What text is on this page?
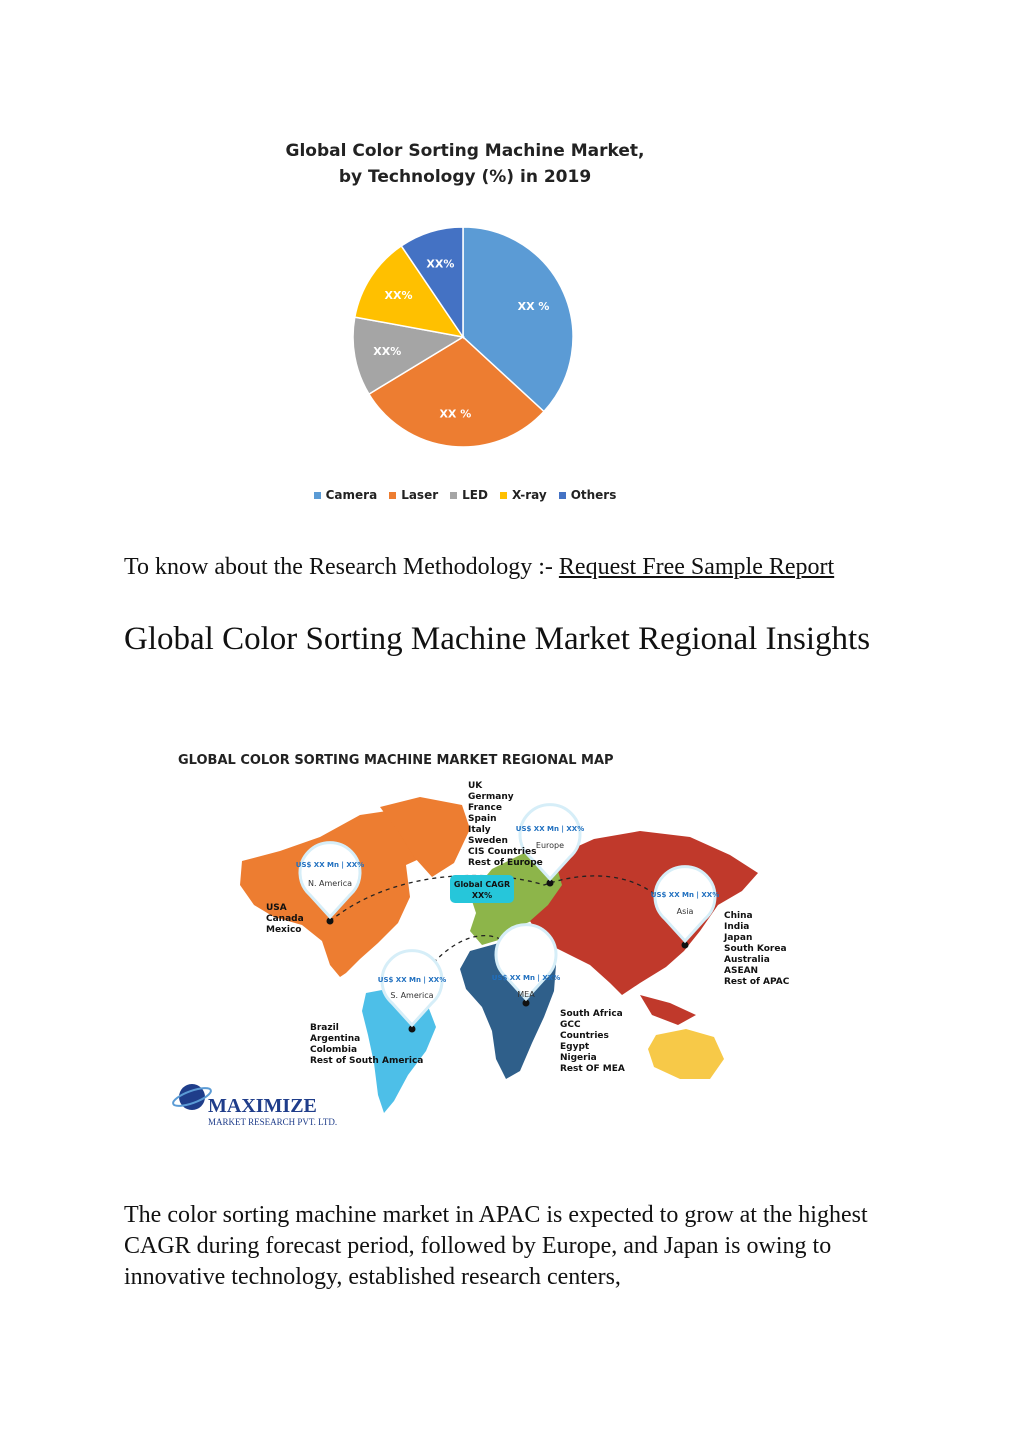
XX %
XX %
XX%
XX%
XX%
Global Color Sorting Machine Market,
by Technology (%) in 2019
Camera Laser LED X-ray Others
To know about the Research Methodology :- Request Free Sample Report
Global Color Sorting Machine Market Regional Insights
US$ XX Mn | XX%
N. America
US$ XX Mn | XX%
Europe
US$ XX Mn | XX%
Asia
US$ XX Mn | XX%
S. America
US$ XX Mn | XX%
MEA
Global CAGR
XX%
GLOBAL COLOR SORTING MACHINE MARKET REGIONAL MAP
UK
Germany
France
Spain
Italy
Sweden
CIS Countries
Rest of Europe
USA
Canada
Mexico
China
India
Japan
South Korea
Australia
ASEAN
Rest of APAC
Brazil
Argentina
Colombia
Rest of South America
South Africa
GCC
Countries
Egypt
Nigeria
Rest OF MEA
MAXIMIZE
MARKET RESEARCH PVT. LTD.
The color sorting machine market in APAC is expected to grow at the highest CAGR during forecast period, followed by Europe, and Japan is owing to innovative technology, established research centers,
